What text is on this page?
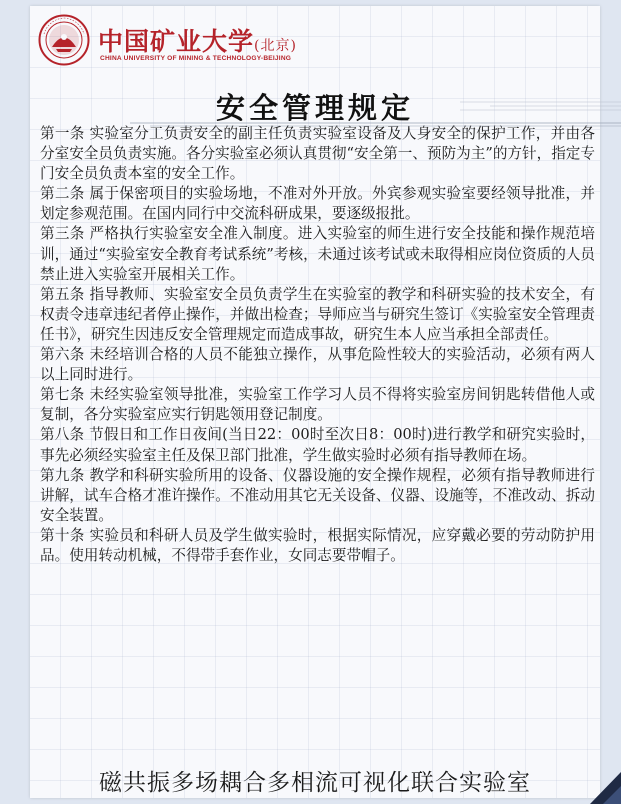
中国矿业大学(北京)
CHINA UNIVERSITY OF MINING & TECHNOLOGY-BEIJING
安全管理规定

第一条 实验室分工负责安全的副主任负责实验室设备及人身安全的保护工作，并由各分室安全员负责实施。各分实验室必须认真贯彻“安全第一、预防为主”的方针，指定专门安全员负责本室的安全工作。

第二条 属于保密项目的实验场地，不准对外开放。外宾参观实验室要经领导批准，并划定参观范围。在国内同行中交流科研成果，要逐级报批。

第三条 严格执行实验室安全准入制度。进入实验室的师生进行安全技能和操作规范培训，通过“实验室安全教育考试系统”考核，未通过该考试或未取得相应岗位资质的人员禁止进入实验室开展相关工作。

第五条 指导教师、实验室安全员负责学生在实验室的教学和科研实验的技术安全，有权责令违章违纪者停止操作，并做出检查；导师应当与研究生签订《实验室安全管理责任书》，研究生因违反安全管理规定而造成事故，研究生本人应当承担全部责任。

第六条 未经培训合格的人员不能独立操作，从事危险性较大的实验活动，必须有两人以上同时进行。

第七条 未经实验室领导批准，实验室工作学习人员不得将实验室房间钥匙转借他人或复制，各分实验室应实行钥匙领用登记制度。

第八条 节假日和工作日夜间(当日22：00时至次日8：00时)进行教学和研究实验时，事先必须经实验室主任及保卫部门批准，学生做实验时必须有指导教师在场。

第九条 教学和科研实验所用的设备、仪器设施的安全操作规程，必须有指导教师进行讲解，试车合格才准许操作。不准动用其它无关设备、仪器、设施等，不准改动、拆动安全装置。

第十条 实验员和科研人员及学生做实验时，根据实际情况，应穿戴必要的劳动防护用品。使用转动机械，不得带手套作业，女同志要带帽子。

磁共振多场耦合多相流可视化联合实验室
